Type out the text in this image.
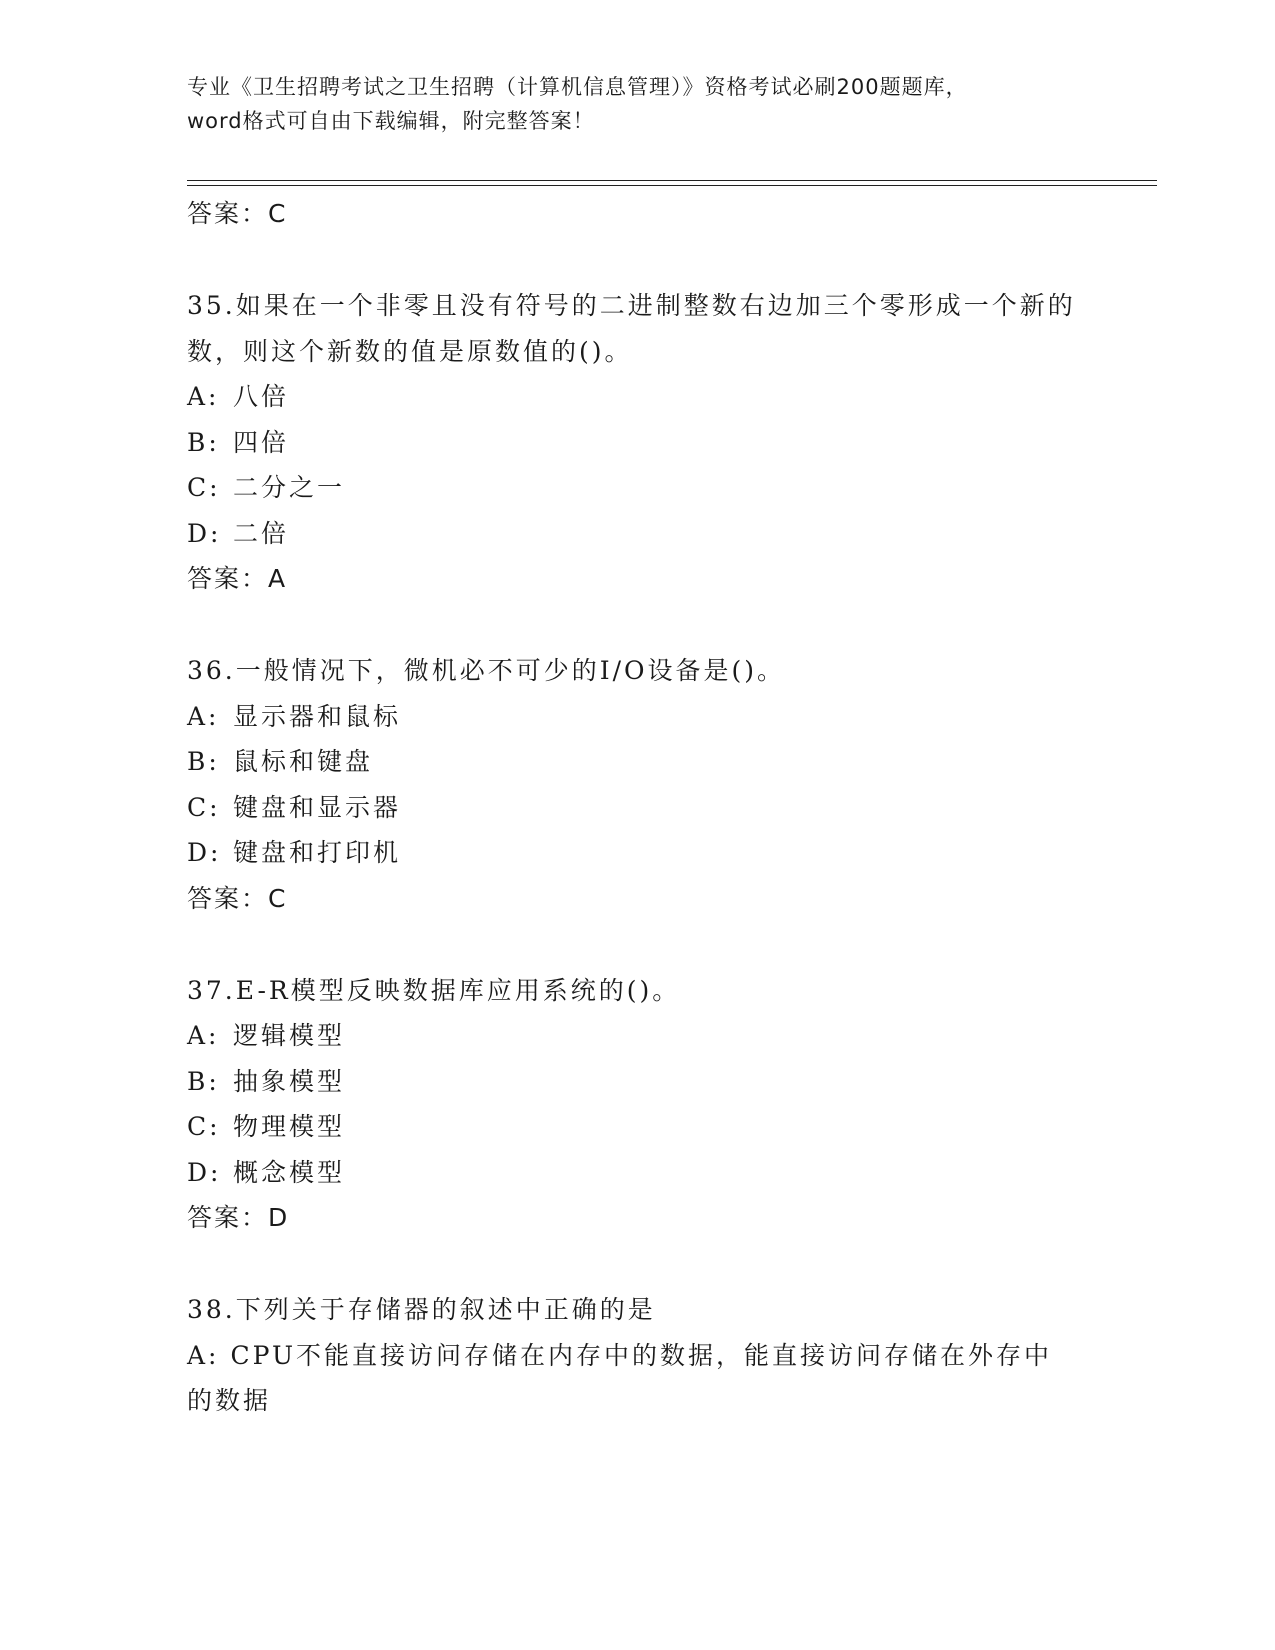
专业《卫生招聘考试之卫生招聘（计算机信息管理）》资格考试必刷200题题库，
word格式可自由下载编辑，附完整答案！
答案：C
35.如果在一个非零且没有符号的二进制整数右边加三个零形成一个新的数，则这个新数的值是原数值的()。
A: 八倍
B: 四倍
C: 二分之一
D: 二倍
答案：A
36.一般情况下，微机必不可少的I/O设备是()。
A: 显示器和鼠标
B: 鼠标和键盘
C: 键盘和显示器
D: 键盘和打印机
答案：C
37.E-R模型反映数据库应用系统的()。
A: 逻辑模型
B: 抽象模型
C: 物理模型
D: 概念模型
答案：D
38.下列关于存储器的叙述中正确的是
A: CPU不能直接访问存储在内存中的数据，能直接访问存储在外存中的数据
